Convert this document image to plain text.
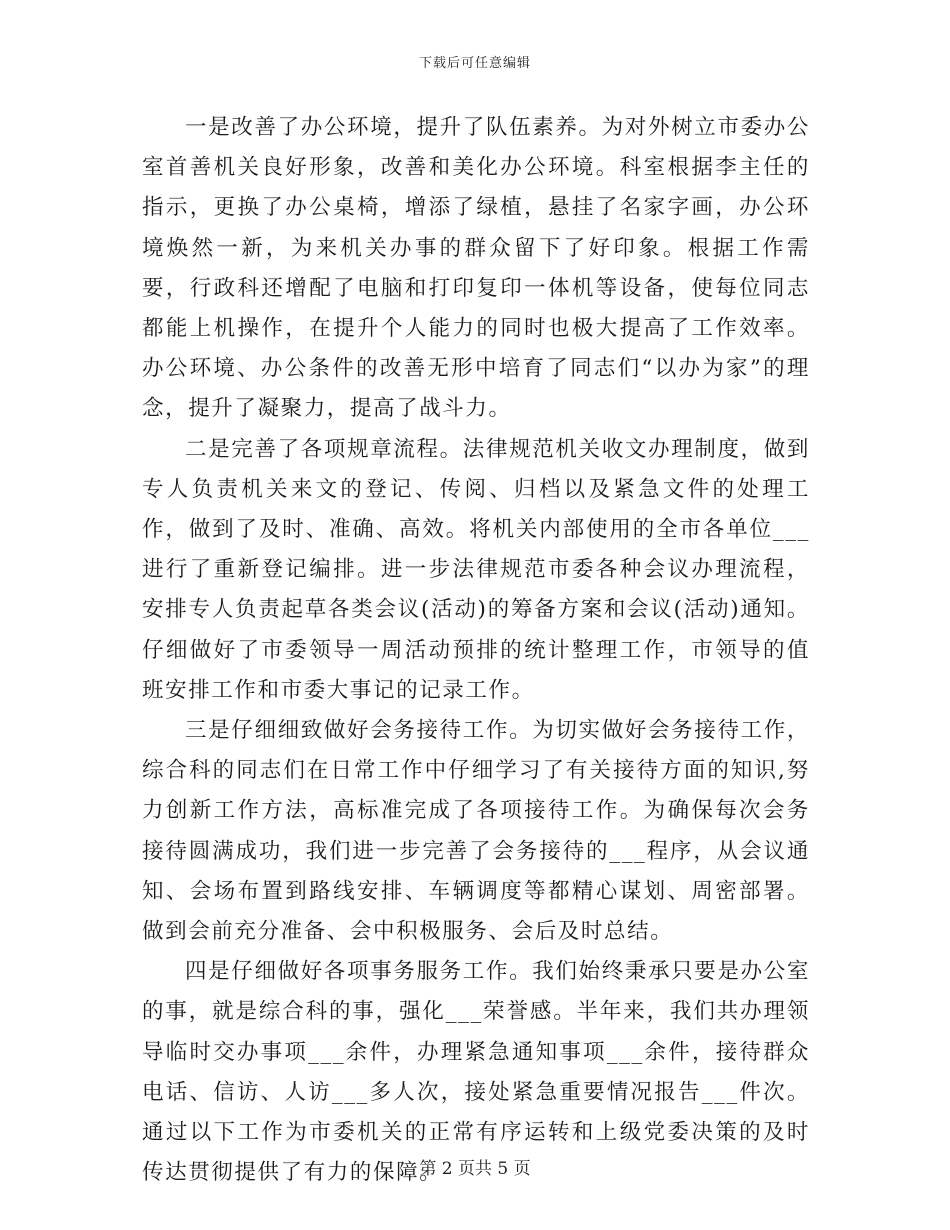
下载后可任意编辑

一是改善了办公环境，提升了队伍素养。为对外树立市委办公室首善机关良好形象，改善和美化办公环境。科室根据李主任的指示，更换了办公桌椅，增添了绿植，悬挂了名家字画，办公环境焕然一新，为来机关办事的群众留下了好印象。根据工作需要，行政科还增配了电脑和打印复印一体机等设备，使每位同志都能上机操作，在提升个人能力的同时也极大提高了工作效率。办公环境、办公条件的改善无形中培育了同志们“以办为家”的理念，提升了凝聚力，提高了战斗力。

二是完善了各项规章流程。法律规范机关收文办理制度，做到专人负责机关来文的登记、传阅、归档以及紧急文件的处理工作，做到了及时、准确、高效。将机关内部使用的全市各单位___进行了重新登记编排。进一步法律规范市委各种会议办理流程，安排专人负责起草各类会议(活动)的筹备方案和会议(活动)通知。仔细做好了市委领导一周活动预排的统计整理工作，市领导的值班安排工作和市委大事记的记录工作。

三是仔细细致做好会务接待工作。为切实做好会务接待工作，综合科的同志们在日常工作中仔细学习了有关接待方面的知识,努力创新工作方法，高标准完成了各项接待工作。为确保每次会务接待圆满成功，我们进一步完善了会务接待的___程序，从会议通知、会场布置到路线安排、车辆调度等都精心谋划、周密部署。做到会前充分准备、会中积极服务、会后及时总结。

四是仔细做好各项事务服务工作。我们始终秉承只要是办公室的事，就是综合科的事，强化___荣誉感。半年来，我们共办理领导临时交办事项___余件，办理紧急通知事项___余件，接待群众电话、信访、人访___多人次，接处紧急重要情况报告___件次。通过以下工作为市委机关的正常有序运转和上级党委决策的及时传达贯彻提供了有力的保障。

第 2 页共 5 页
